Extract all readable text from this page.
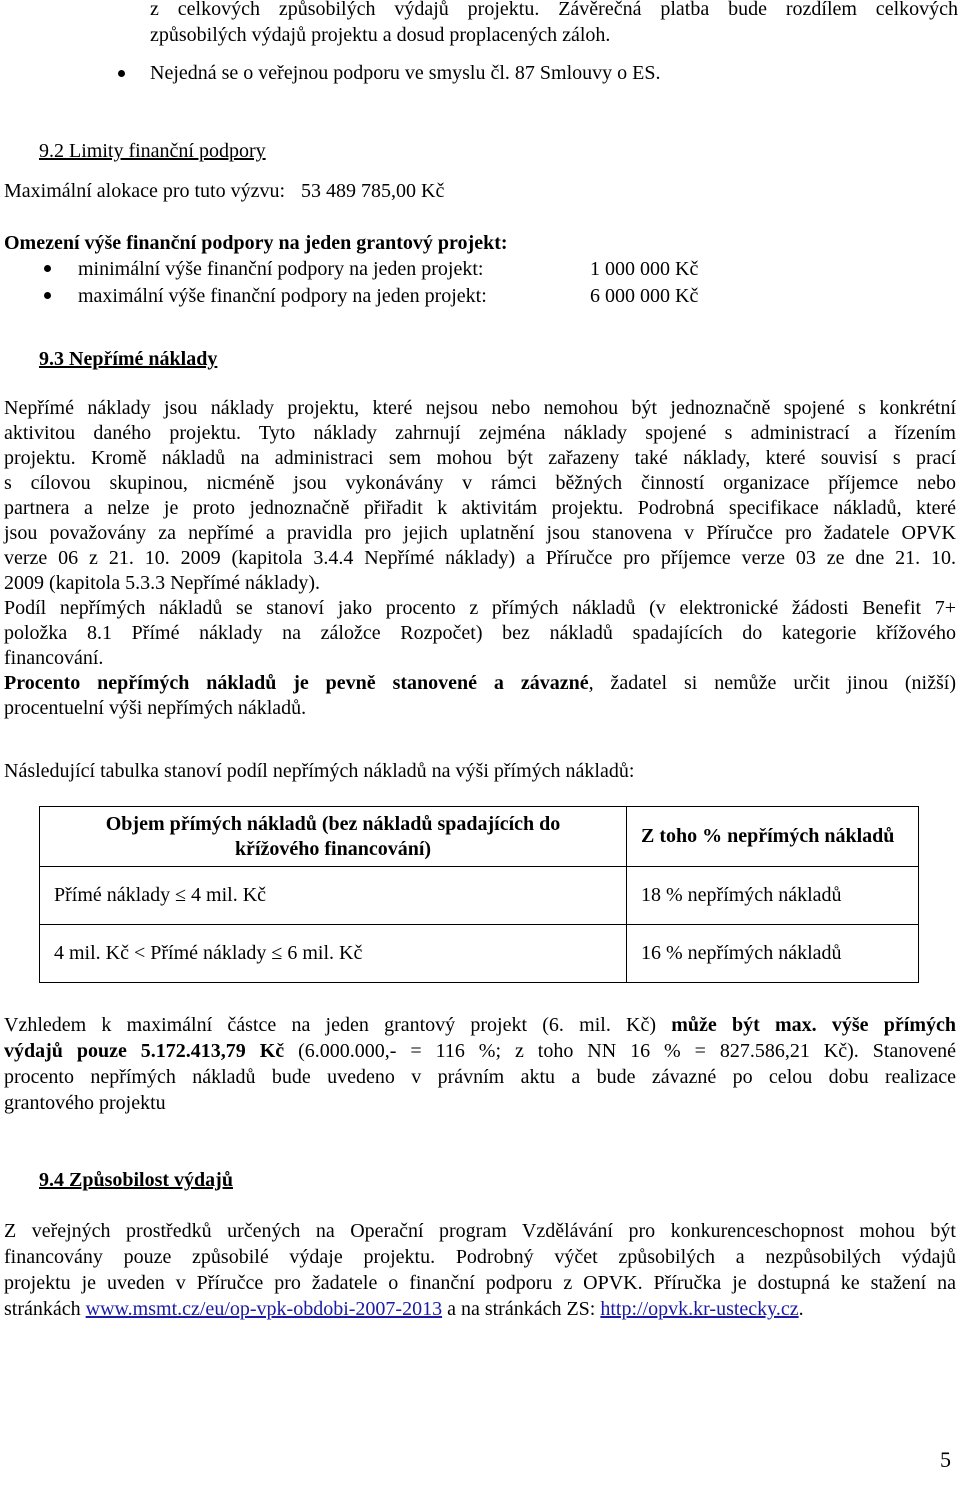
z celkových způsobilých výdajů projektu. Závěrečná platba bude rozdílem celkových
způsobilých výdajů projektu a dosud proplacených záloh.
Nejedná se o veřejnou podporu ve smyslu čl. 87 Smlouvy o ES.
9.2 Limity finanční podpory
Maximální alokace pro tuto výzvu: 53 489 785,00 Kč
Omezení výše finanční podpory na jeden grantový projekt:
minimální výše finanční podpory na jeden projekt:	1 000 000 Kč
maximální výše finanční podpory na jeden projekt:	6 000 000 Kč
9.3 Nepřímé náklady
Nepřímé náklady jsou náklady projektu, které nejsou nebo nemohou být jednoznačně spojené s konkrétní
aktivitou daného projektu. Tyto náklady zahrnují zejména náklady spojené s administrací a řízením
projektu. Kromě nákladů na administraci sem mohou být zařazeny také náklady, které souvisí s prací
s cílovou skupinou, nicméně jsou vykonávány v rámci běžných činností organizace příjemce nebo
partnera a nelze je proto jednoznačně přiřadit k aktivitám projektu. Podrobná specifikace nákladů, které
jsou považovány za nepřímé a pravidla pro jejich uplatnění jsou stanovena v Příručce pro žadatele OPVK
verze 06 z 21. 10. 2009 (kapitola 3.4.4 Nepřímé náklady) a Příručce pro příjemce verze 03 ze dne 21. 10.
2009 (kapitola 5.3.3 Nepřímé náklady).
Podíl nepřímých nákladů se stanoví jako procento z přímých nákladů (v elektronické žádosti Benefit 7+
položka 8.1 Přímé náklady na záložce Rozpočet) bez nákladů spadajících do kategorie křížového
financování.
Procento nepřímých nákladů je pevně stanovené a závazné, žadatel si nemůže určit jinou (nižší)
procentuelní výši nepřímých nákladů.
Následující tabulka stanoví podíl nepřímých nákladů na výši přímých nákladů:
Objem přímých nákladů (bez nákladů spadajících do křížového financování)	Z toho % nepřímých nákladů
Přímé náklady ≤ 4 mil. Kč	18 % nepřímých nákladů
4 mil. Kč < Přímé náklady ≤ 6 mil. Kč	16 % nepřímých nákladů
Vzhledem k maximální částce na jeden grantový projekt (6. mil. Kč) může být max. výše přímých
výdajů pouze 5.172.413,79 Kč (6.000.000,- = 116 %; z toho NN 16 % = 827.586,21 Kč). Stanovené
procento nepřímých nákladů bude uvedeno v právním aktu a bude závazné po celou dobu realizace
grantového projektu
9.4 Způsobilost výdajů
Z veřejných prostředků určených na Operační program Vzdělávání pro konkurenceschopnost mohou být
financovány pouze způsobilé výdaje projektu. Podrobný výčet způsobilých a nezpůsobilých výdajů
projektu je uveden v Příručce pro žadatele o finanční podporu z OPVK. Příručka je dostupná ke stažení na
stránkách www.msmt.cz/eu/op-vpk-obdobi-2007-2013 a na stránkách ZS: http://opvk.kr-ustecky.cz.
5
